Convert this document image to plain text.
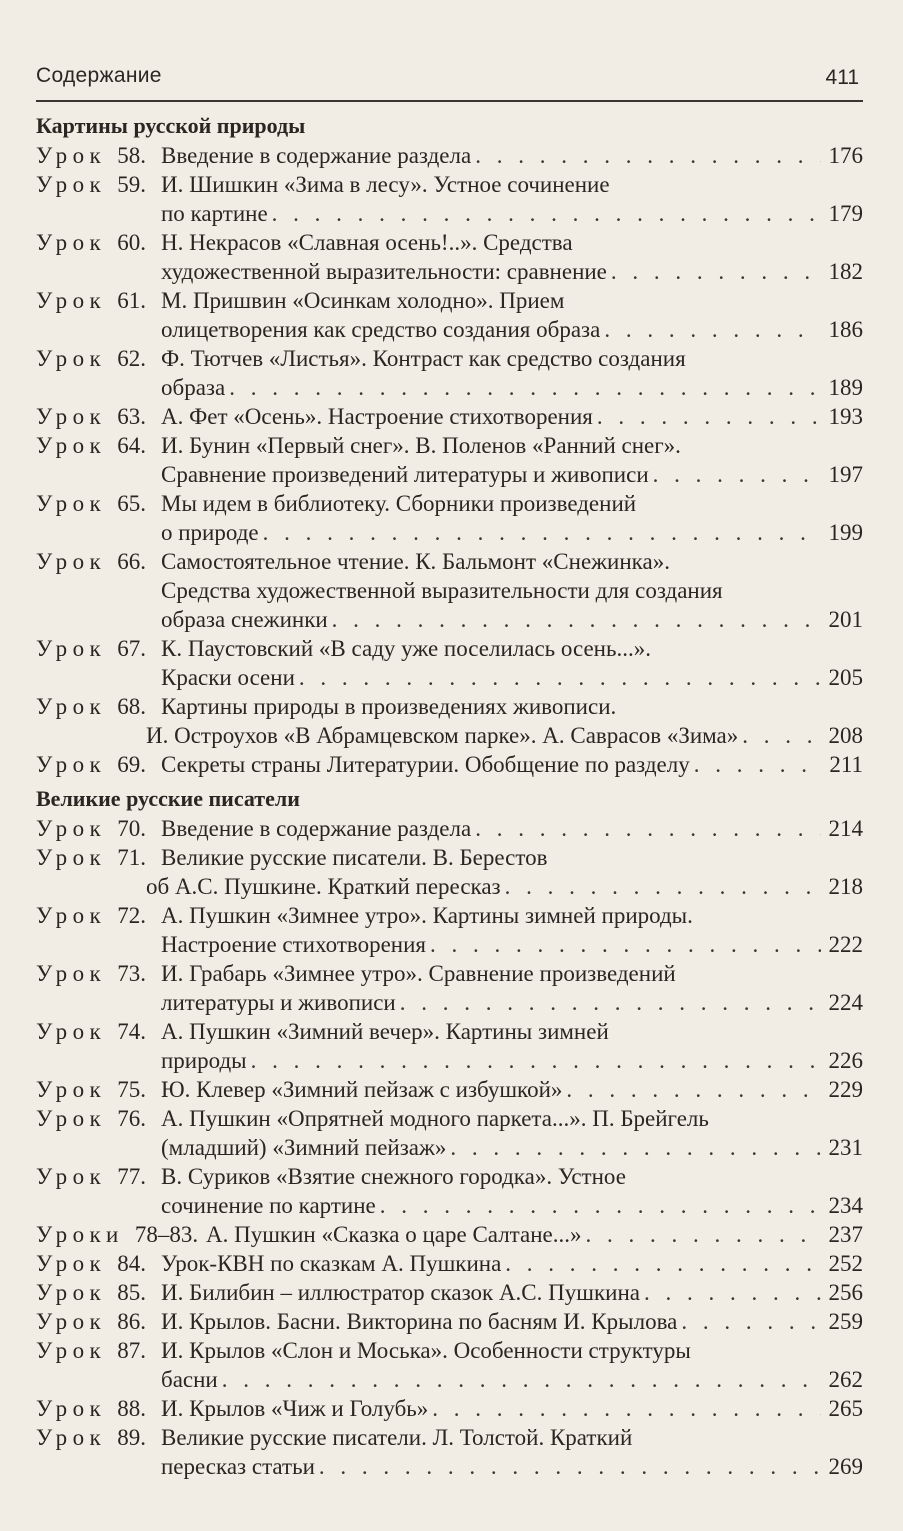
Содержание	411
Картины русской природы
Урок 58. Введение в содержание раздела . . .	176
Урок 59. И. Шишкин «Зима в лесу». Устное сочинение
по картине . . .	179
Урок 60. Н. Некрасов «Славная осень!..». Средства
художественной выразительности: сравнение . . .	182
Урок 61. М. Пришвин «Осинкам холодно». Прием
олицетворения как средство создания образа . . .	186
Урок 62. Ф. Тютчев «Листья». Контраст как средство создания
образа . . .	189
Урок 63. А. Фет «Осень». Настроение стихотворения . . .	193
Урок 64. И. Бунин «Первый снег». В. Поленов «Ранний снег».
Сравнение произведений литературы и живописи . . .	197
Урок 65. Мы идем в библиотеку. Сборники произведений
о природе . . .	199
Урок 66. Самостоятельное чтение. К. Бальмонт «Снежинка».
Средства художественной выразительности для создания
образа снежинки . . .	201
Урок 67. К. Паустовский «В саду уже поселилась осень...».
Краски осени . . .	205
Урок 68. Картины природы в произведениях живописи.
И. Остроухов «В Абрамцевском парке». А. Саврасов «Зима» . . .	208
Урок 69. Секреты страны Литературии. Обобщение по разделу . . .	211
Великие русские писатели
Урок 70. Введение в содержание раздела . . .	214
Урок 71. Великие русские писатели. В. Берестов
об А.С. Пушкине. Краткий пересказ . . .	218
Урок 72. А. Пушкин «Зимнее утро». Картины зимней природы.
Настроение стихотворения . . .	222
Урок 73. И. Грабарь «Зимнее утро». Сравнение произведений
литературы и живописи . . .	224
Урок 74. А. Пушкин «Зимний вечер». Картины зимней
природы . . .	226
Урок 75. Ю. Клевер «Зимний пейзаж с избушкой» . . .	229
Урок 76. А. Пушкин «Опрятней модного паркета...». П. Брейгель
(младший) «Зимний пейзаж» . . .	231
Урок 77. В. Суриков «Взятие снежного городка». Устное
сочинение по картине . . .	234
Уроки 78–83. А. Пушкин «Сказка о царе Салтане...» . . .	237
Урок 84. Урок-КВН по сказкам А. Пушкина . . .	252
Урок 85. И. Билибин – иллюстратор сказок А.С. Пушкина . . .	256
Урок 86. И. Крылов. Басни. Викторина по басням И. Крылова . . .	259
Урок 87. И. Крылов «Слон и Моська». Особенности структуры
басни . . .	262
Урок 88. И. Крылов «Чиж и Голубь» . . .	265
Урок 89. Великие русские писатели. Л. Толстой. Краткий
пересказ статьи . . .	269
